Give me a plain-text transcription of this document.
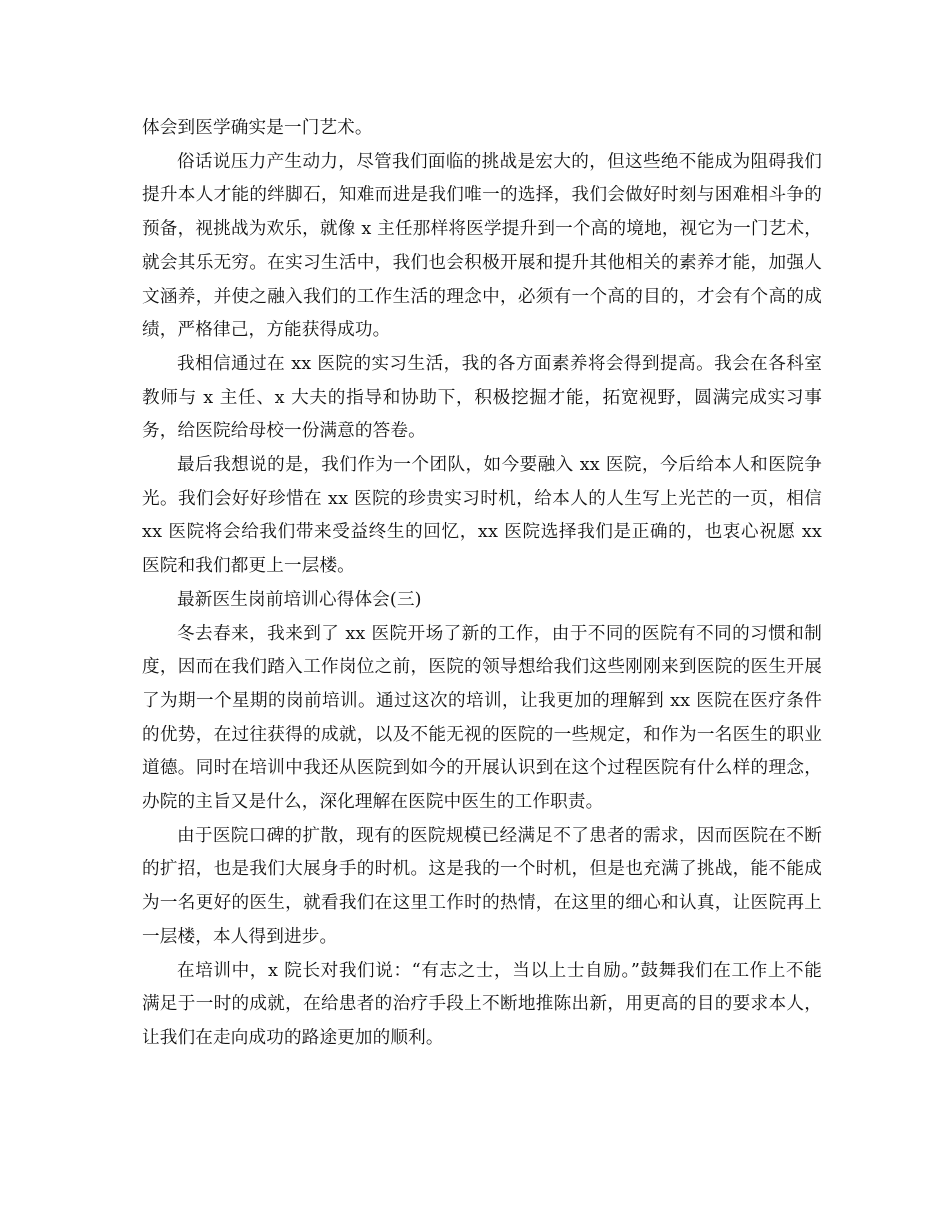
体会到医学确实是一门艺术。

俗话说压力产生动力，尽管我们面临的挑战是宏大的，但这些绝不能成为阻碍我们提升本人才能的绊脚石，知难而进是我们唯一的选择，我们会做好时刻与困难相斗争的预备，视挑战为欢乐，就像 x 主任那样将医学提升到一个高的境地，视它为一门艺术，就会其乐无穷。在实习生活中，我们也会积极开展和提升其他相关的素养才能，加强人文涵养，并使之融入我们的工作生活的理念中，必须有一个高的目的，才会有个高的成绩，严格律己，方能获得成功。

我相信通过在 xx 医院的实习生活，我的各方面素养将会得到提高。我会在各科室教师与 x 主任、x 大夫的指导和协助下，积极挖掘才能，拓宽视野，圆满完成实习事务，给医院给母校一份满意的答卷。

最后我想说的是，我们作为一个团队，如今要融入 xx 医院，今后给本人和医院争光。我们会好好珍惜在 xx 医院的珍贵实习时机，给本人的人生写上光芒的一页，相信 xx 医院将会给我们带来受益终生的回忆，xx 医院选择我们是正确的，也衷心祝愿 xx 医院和我们都更上一层楼。

最新医生岗前培训心得体会(三)

冬去春来，我来到了 xx 医院开场了新的工作，由于不同的医院有不同的习惯和制度，因而在我们踏入工作岗位之前，医院的领导想给我们这些刚刚来到医院的医生开展了为期一个星期的岗前培训。通过这次的培训，让我更加的理解到 xx 医院在医疗条件的优势，在过往获得的成就，以及不能无视的医院的一些规定，和作为一名医生的职业道德。同时在培训中我还从医院到如今的开展认识到在这个过程医院有什么样的理念，办院的主旨又是什么，深化理解在医院中医生的工作职责。

由于医院口碑的扩散，现有的医院规模已经满足不了患者的需求，因而医院在不断的扩招，也是我们大展身手的时机。这是我的一个时机，但是也充满了挑战，能不能成为一名更好的医生，就看我们在这里工作时的热情，在这里的细心和认真，让医院再上一层楼，本人得到进步。

在培训中，x 院长对我们说：“有志之士，当以上士自励。”鼓舞我们在工作上不能满足于一时的成就，在给患者的治疗手段上不断地推陈出新，用更高的目的要求本人，让我们在走向成功的路途更加的顺利。
